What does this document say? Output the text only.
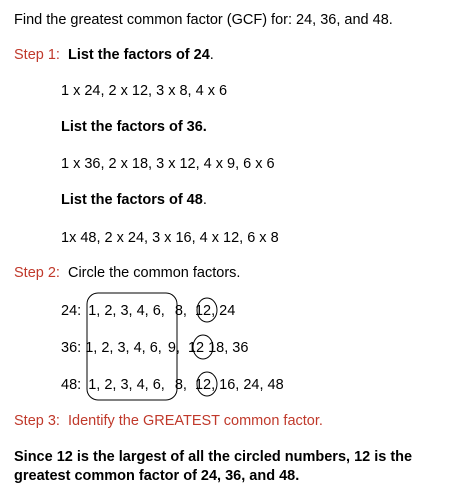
Find the greatest common factor (GCF) for: 24, 36, and 48.
Step 1: List the factors of 24.
1 x 24, 2 x 12, 3 x 8, 4 x 6
List the factors of 36.
1 x 36, 2 x 18, 3 x 12, 4 x 9, 6 x 6
List the factors of 48.
1x 48, 2 x 24, 3 x 16, 4 x 12, 6 x 8
Step 2: Circle the common factors.
24: 1, 2, 3, 4, 6, 8, 12, 24
36: 1, 2, 3, 4, 6, 9, 12 18, 36
48: 1, 2, 3, 4, 6, 8, 12, 16, 24, 48
Step 3: Identify the GREATEST common factor.
Since 12 is the largest of all the circled numbers, 12 is the greatest common factor of 24, 36, and 48.
